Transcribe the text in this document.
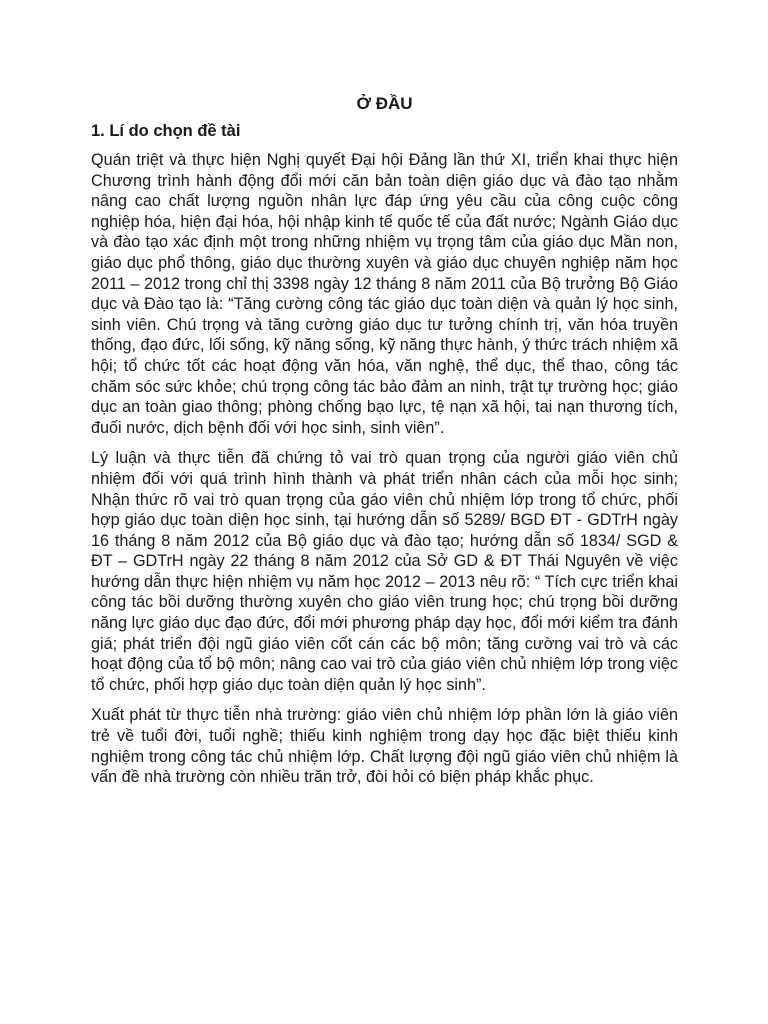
Ở ĐẦU
1. Lí do chọn đề tài

Quán triệt và thực hiện Nghị quyết Đại hội Đảng lần thứ XI, triển khai thực hiện Chương trình hành động đổi mới căn bản toàn diện giáo dục và đào tạo nhằm nâng cao chất lượng nguồn nhân lực đáp ứng yêu cầu của công cuộc công nghiệp hóa, hiện đại hóa, hội nhập kinh tế quốc tế của đất nước; Ngành Giáo dục và đào tạo xác định một trong những nhiệm vụ trọng tâm của giáo dục Mần non, giáo dục phổ thông, giáo dục thường xuyên và giáo dục chuyên nghiệp năm học 2011 – 2012 trong chỉ thị 3398 ngày 12 tháng 8 năm 2011 của Bộ trưởng Bộ Giáo dục và Đào tạo là: “Tăng cường công tác giáo dục toàn diện và quản lý học sinh, sinh viên. Chú trọng và tăng cường giáo dục tư tưởng chính trị, văn hóa truyền thống, đạo đức, lối sống, kỹ năng sống, kỹ năng thực hành, ý thức trách nhiệm xã hội; tổ chức tốt các hoạt động văn hóa, văn nghệ, thể dục, thể thao, công tác chăm sóc sức khỏe; chú trọng công tác bảo đảm an ninh, trật tự trường học; giáo dục an toàn giao thông; phòng chống bạo lực, tệ nạn xã hội, tai nạn thương tích, đuối nước, dịch bệnh đối với học sinh, sinh viên”.

Lý luận và thực tiễn đã chứng tỏ vai trò quan trọng của người giáo viên chủ nhiệm đối với quá trình hình thành và phát triển nhân cách của mỗi học sinh; Nhận thức rõ vai trò quan trọng của gáo viên chủ nhiệm lớp trong tổ chức, phối hợp giáo dục toàn diện học sinh, tại hướng dẫn số 5289/ BGD ĐT - GDTrH ngày 16 tháng 8 năm 2012 của Bộ giáo dục và đào tạo; hướng dẫn số 1834/ SGD & ĐT – GDTrH ngày 22 tháng 8 năm 2012 của Sở GD & ĐT Thái Nguyên về việc hướng dẫn thực hiện nhiệm vụ năm học 2012 – 2013 nêu rõ: “ Tích cực triển khai công tác bồi dưỡng thường xuyên cho giáo viên trung học; chú trọng bồi dưỡng năng lực giáo dục đạo đức, đổi mới phương pháp dạy học, đổi mới kiểm tra đánh giá; phát triển đội ngũ giáo viên cốt cán các bộ môn; tăng cường vai trò và các hoạt động của tổ bộ môn; nâng cao vai trò của giáo viên chủ nhiệm lớp trong việc tổ chức, phối hợp giáo dục toàn diện quản lý học sinh”.

Xuất phát từ thực tiễn nhà trường: giáo viên chủ nhiệm lớp phần lớn là giáo viên trẻ về tuổi đời, tuổi nghề; thiếu kinh nghiệm trong dạy học đặc biệt thiếu kinh nghiệm trong công tác chủ nhiệm lớp. Chất lượng đội ngũ giáo viên chủ nhiệm là vấn đề nhà trường còn nhiều trăn trở, đòi hỏi có biện pháp khắc phục.
